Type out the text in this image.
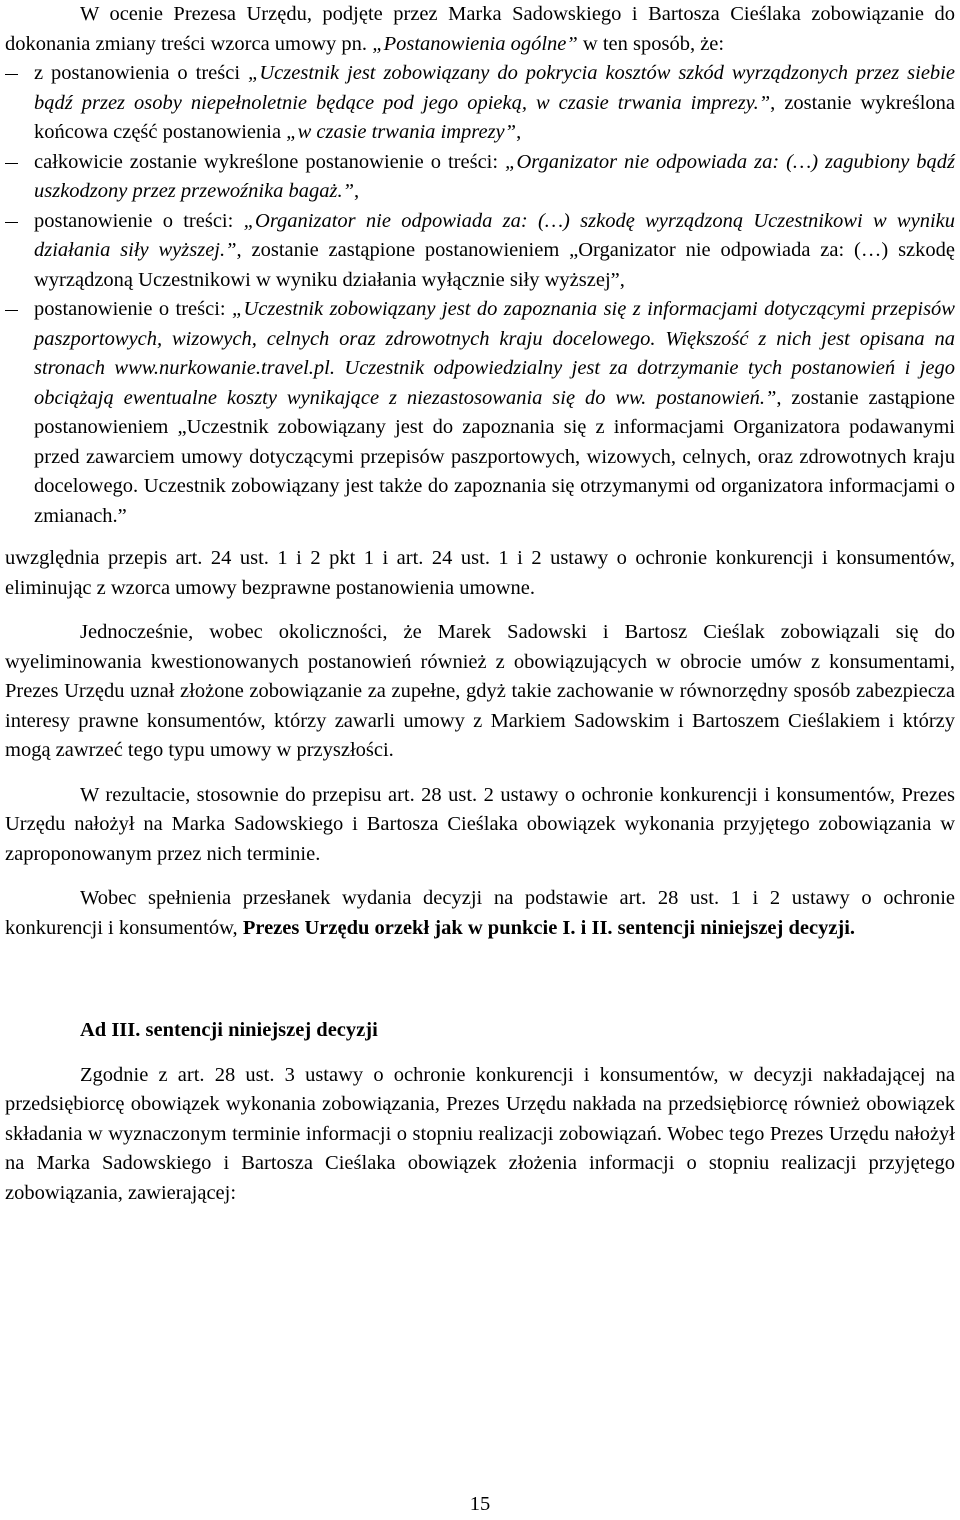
W ocenie Prezesa Urzędu, podjęte przez Marka Sadowskiego i Bartosza Cieślaka zobowiązanie do dokonania zmiany treści wzorca umowy pn. „Postanowienia ogólne” w ten sposób, że:

z postanowienia o treści „Uczestnik jest zobowiązany do pokrycia kosztów szkód wyrządzonych przez siebie bądź przez osoby niepełnoletnie będące pod jego opieką, w czasie trwania imprezy.”, zostanie wykreślona końcowa część postanowienia „w czasie trwania imprezy”,
całkowicie zostanie wykreślone postanowienie o treści: „Organizator nie odpowiada za: (…) zagubiony bądź uszkodzony przez przewoźnika bagaż.”,
postanowienie o treści: „Organizator nie odpowiada za: (…) szkodę wyrządzoną Uczestnikowi w wyniku działania siły wyższej.”, zostanie zastąpione postanowieniem „Organizator nie odpowiada za: (…) szkodę wyrządzoną Uczestnikowi w wyniku działania wyłącznie siły wyższej”,
postanowienie o treści: „Uczestnik zobowiązany jest do zapoznania się z informacjami dotyczącymi przepisów paszportowych, wizowych, celnych oraz zdrowotnych kraju docelowego. Większość z nich jest opisana na stronach www.nurkowanie.travel.pl. Uczestnik odpowiedzialny jest za dotrzymanie tych postanowień i jego obciążają ewentualne koszty wynikające z niezastosowania się do ww. postanowień.”, zostanie zastąpione postanowieniem „Uczestnik zobowiązany jest do zapoznania się z informacjami Organizatora podawanymi przed zawarciem umowy dotyczącymi przepisów paszportowych, wizowych, celnych, oraz zdrowotnych kraju docelowego. Uczestnik zobowiązany jest także do zapoznania się otrzymanymi od organizatora informacjami o zmianach.”

uwzględnia przepis art. 24 ust. 1 i 2 pkt 1 i art. 24 ust. 1 i 2 ustawy o ochronie konkurencji i konsumentów, eliminując z wzorca umowy bezprawne postanowienia umowne.

Jednocześnie, wobec okoliczności, że Marek Sadowski i Bartosz Cieślak zobowiązali się do wyeliminowania kwestionowanych postanowień również z obowiązujących w obrocie umów z konsumentami, Prezes Urzędu uznał złożone zobowiązanie za zupełne, gdyż takie zachowanie w równorzędny sposób zabezpiecza interesy prawne konsumentów, którzy zawarli umowy z Markiem Sadowskim i Bartoszem Cieślakiem i którzy mogą zawrzeć tego typu umowy w przyszłości.

W rezultacie, stosownie do przepisu art. 28 ust. 2 ustawy o ochronie konkurencji i konsumentów, Prezes Urzędu nałożył na Marka Sadowskiego i Bartosza Cieślaka obowiązek wykonania przyjętego zobowiązania w zaproponowanym przez nich terminie.

Wobec spełnienia przesłanek wydania decyzji na podstawie art. 28 ust. 1 i 2 ustawy o ochronie konkurencji i konsumentów, Prezes Urzędu orzekł jak w punkcie I. i II. sentencji niniejszej decyzji.

Ad III. sentencji niniejszej decyzji

Zgodnie z art. 28 ust. 3 ustawy o ochronie konkurencji i konsumentów, w decyzji nakładającej na przedsiębiorcę obowiązek wykonania zobowiązania, Prezes Urzędu nakłada na przedsiębiorcę również obowiązek składania w wyznaczonym terminie informacji o stopniu realizacji zobowiązań. Wobec tego Prezes Urzędu nałożył na Marka Sadowskiego i Bartosza Cieślaka obowiązek złożenia informacji o stopniu realizacji przyjętego zobowiązania, zawierającej:

15
